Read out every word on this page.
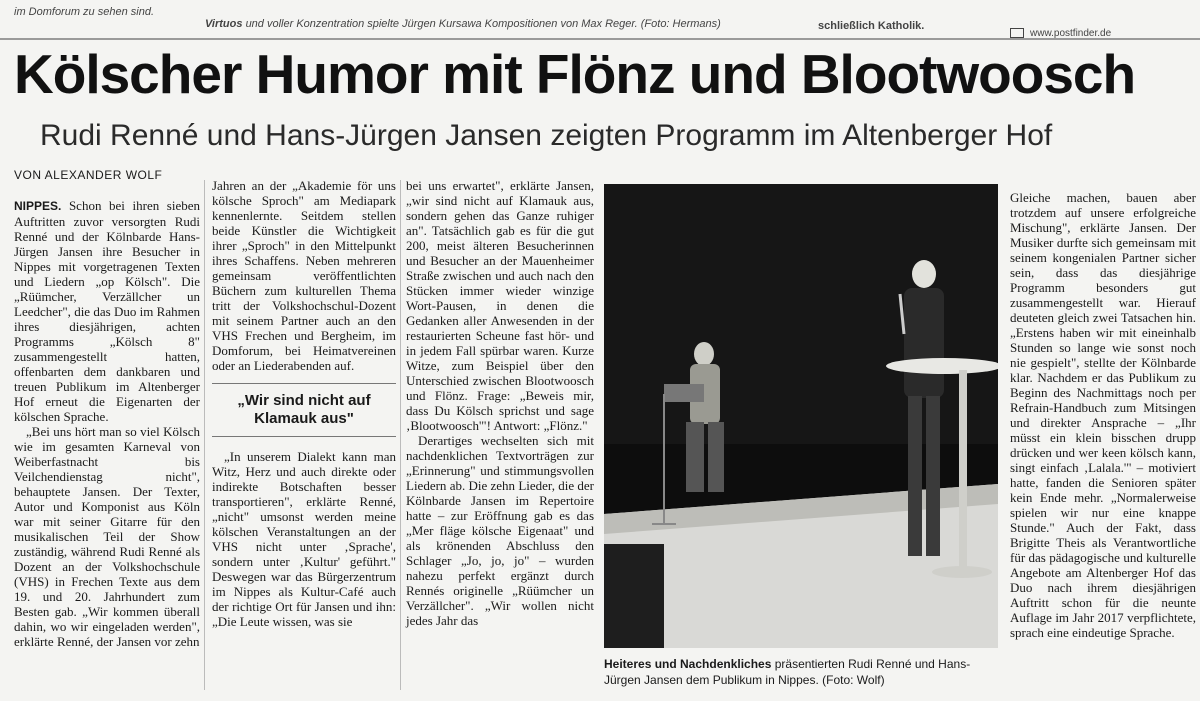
im Domforum zu sehen sind.
Virtuos und voller Konzentration spielte Jürgen Kursawa Kompositionen von Max Reger. (Foto: Hermans)	schließlich Katholik.
www.postfinder.de
Kölscher Humor mit Flönz und Blootwoosch
Rudi Renné und Hans-Jürgen Jansen zeigten Programm im Altenberger Hof
VON ALEXANDER WOLF

NIPPES. Schon bei ihren sieben Auftritten zuvor versorgten Rudi Renné und der Kölnbarde Hans-Jürgen Jansen ihre Besucher in Nippes mit vorgetragenen Texten und Liedern „op Kölsch". Die „Rüümcher, Verzällcher un Leedcher", die das Duo im Rahmen ihres diesjährigen, achten Programms „Kölsch 8" zusammengestellt hatten, offenbarten dem dankbaren und treuen Publikum im Altenberger Hof erneut die Eigenarten der kölschen Sprache.

„Bei uns hört man so viel Kölsch wie im gesamten Karneval von Weiberfastnacht bis Veilchendienstag nicht", behauptete Jansen. Der Texter, Autor und Komponist aus Köln war mit seiner Gitarre für den musikalischen Teil der Show zuständig, während Rudi Renné als Dozent an der Volkshochschule (VHS) in Frechen Texte aus dem 19. und 20. Jahrhundert zum Besten gab. „Wir kommen überall dahin, wo wir eingeladen werden", erklärte Renné, der Jansen vor zehn

Jahren an der „Akademie för uns kölsche Sproch" am Mediapark kennenlernte. Seitdem stellen beide Künstler die Wichtigkeit ihrer „Sproch" in den Mittelpunkt ihres Schaffens. Neben mehreren gemeinsam veröffentlichten Büchern zum kulturellen Thema tritt der Volkshochschul-Dozent mit seinem Partner auch an den VHS Frechen und Bergheim, im Domforum, bei Heimatvereinen oder an Liederabenden auf.

„Wir sind nicht auf Klamauk aus"

„In unserem Dialekt kann man Witz, Herz und auch direkte oder indirekte Botschaften besser transportieren", erklärte Renné, „nicht" umsonst werden meine kölschen Veranstaltungen an der VHS nicht unter ‚Sprache', sondern unter ‚Kultur' geführt." Deswegen war das Bürgerzentrum im Nippes als Kultur-Café auch der richtige Ort für Jansen und ihn: „Die Leute wissen, was sie

bei uns erwartet", erklärte Jansen, „wir sind nicht auf Klamauk aus, sondern gehen das Ganze ruhiger an". Tatsächlich gab es für die gut 200, meist älteren Besucherinnen und Besucher an der Mauenheimer Straße zwischen und auch nach den Stücken immer wieder winzige Wort-Pausen, in denen die Gedanken aller Anwesenden in der restaurierten Scheune fast hör- und in jedem Fall spürbar waren. Kurze Witze, zum Beispiel über den Unterschied zwischen Blootwoosch und Flönz. Frage: „Beweis mir, dass Du Kölsch sprichst und sage ‚Blootwoosch'"! Antwort: „Flönz."

Derartiges wechselten sich mit nachdenklichen Textvorträgen zur „Erinnerung" und stimmungsvollen Liedern ab. Die zehn Lieder, die der Kölnbarde Jansen im Repertoire hatte – zur Eröffnung gab es das „Mer fläge kölsche Eigenaat" und als krönenden Abschluss den Schlager „Jo, jo, jo" – wurden nahezu perfekt ergänzt durch Rennés originelle „Rüümcher un Verzällcher". „Wir wollen nicht jedes Jahr das

Heiteres und Nachdenkliches präsentierten Rudi Renné und Hans-Jürgen Jansen dem Publikum in Nippes. (Foto: Wolf)

Gleiche machen, bauen aber trotzdem auf unsere erfolgreiche Mischung", erklärte Jansen. Der Musiker durfte sich gemeinsam mit seinem kongenialen Partner sicher sein, dass das diesjährige Programm besonders gut zusammengestellt war. Hierauf deuteten gleich zwei Tatsachen hin. „Erstens haben wir mit eineinhalb Stunden so lange wie sonst noch nie gespielt", stellte der Kölnbarde klar. Nachdem er das Publikum zu Beginn des Nachmittags noch per Refrain-Handbuch zum Mitsingen und direkter Ansprache – „Ihr müsst ein klein bisschen drupp drücken und wer keen kölsch kann, singt einfach ‚Lalala.'" – motiviert hatte, fanden die Senioren später kein Ende mehr. „Normalerweise spielen wir nur eine knappe Stunde." Auch der Fakt, dass Brigitte Theis als Verantwortliche für das pädagogische und kulturelle Angebote am Altenberger Hof das Duo nach ihrem diesjährigen Auftritt schon für die neunte Auflage im Jahr 2017 verpflichtete, sprach eine eindeutige Sprache.
